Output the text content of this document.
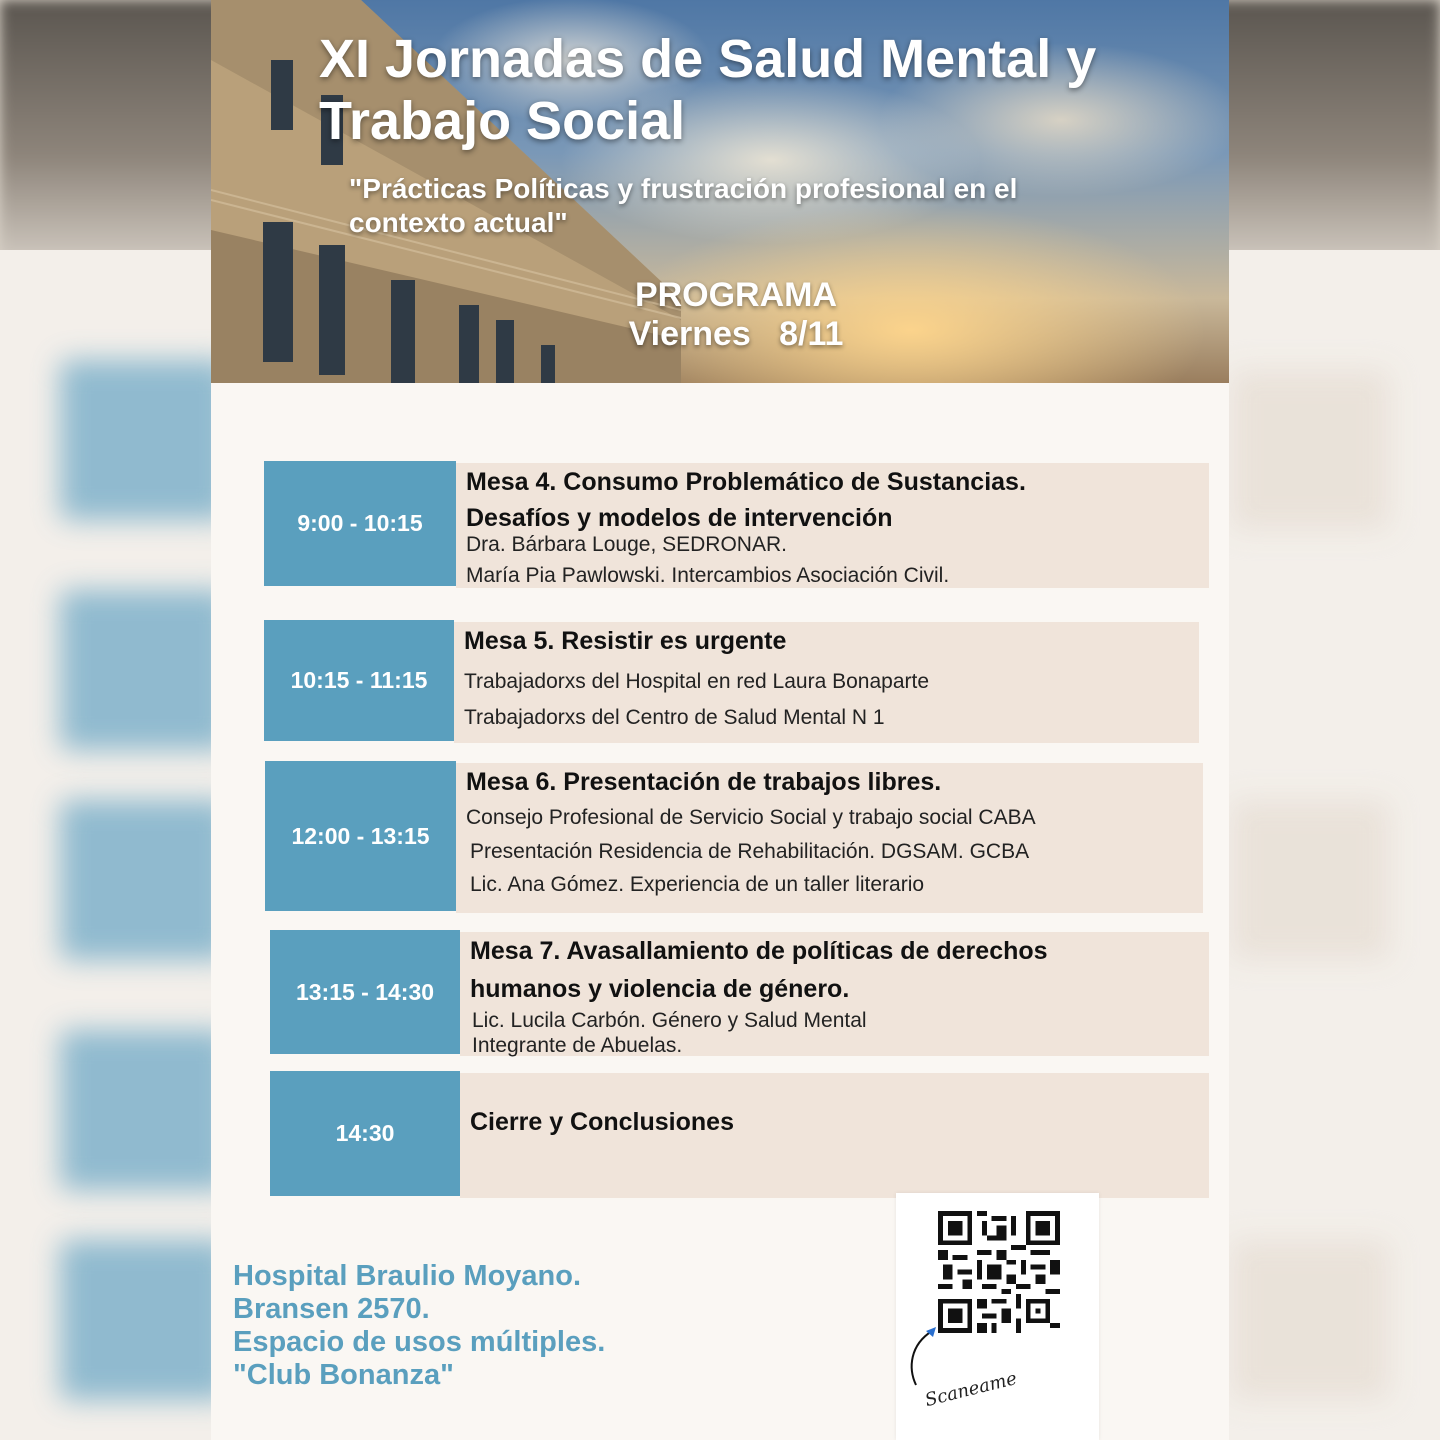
XI Jornadas de Salud Mental y
Trabajo Social
"Prácticas Políticas y frustración profesional en el contexto actual"
PROGRAMA
Viernes   8/11
9:00 - 10:15
Mesa 4. Consumo Problemático de Sustancias.
Desafíos y modelos de intervención
Dra. Bárbara Louge, SEDRONAR.
María Pia Pawlowski. Intercambios Asociación Civil.
10:15 - 11:15
Mesa 5. Resistir es urgente
Trabajadorxs del Hospital en red Laura Bonaparte
Trabajadorxs del Centro de Salud Mental N 1
12:00 - 13:15
Mesa 6. Presentación de trabajos libres.
Consejo Profesional de Servicio Social y trabajo social CABA
Presentación Residencia de Rehabilitación. DGSAM. GCBA
Lic. Ana Gómez. Experiencia de un taller literario
13:15 - 14:30
Mesa 7. Avasallamiento de políticas de derechos
humanos y violencia de género.
Lic. Lucila Carbón. Género y Salud Mental
Integrante de Abuelas.
14:30	Cierre y Conclusiones
Hospital Braulio Moyano.
Bransen 2570.
Espacio de usos múltiples.
"Club Bonanza"	Scaneame
